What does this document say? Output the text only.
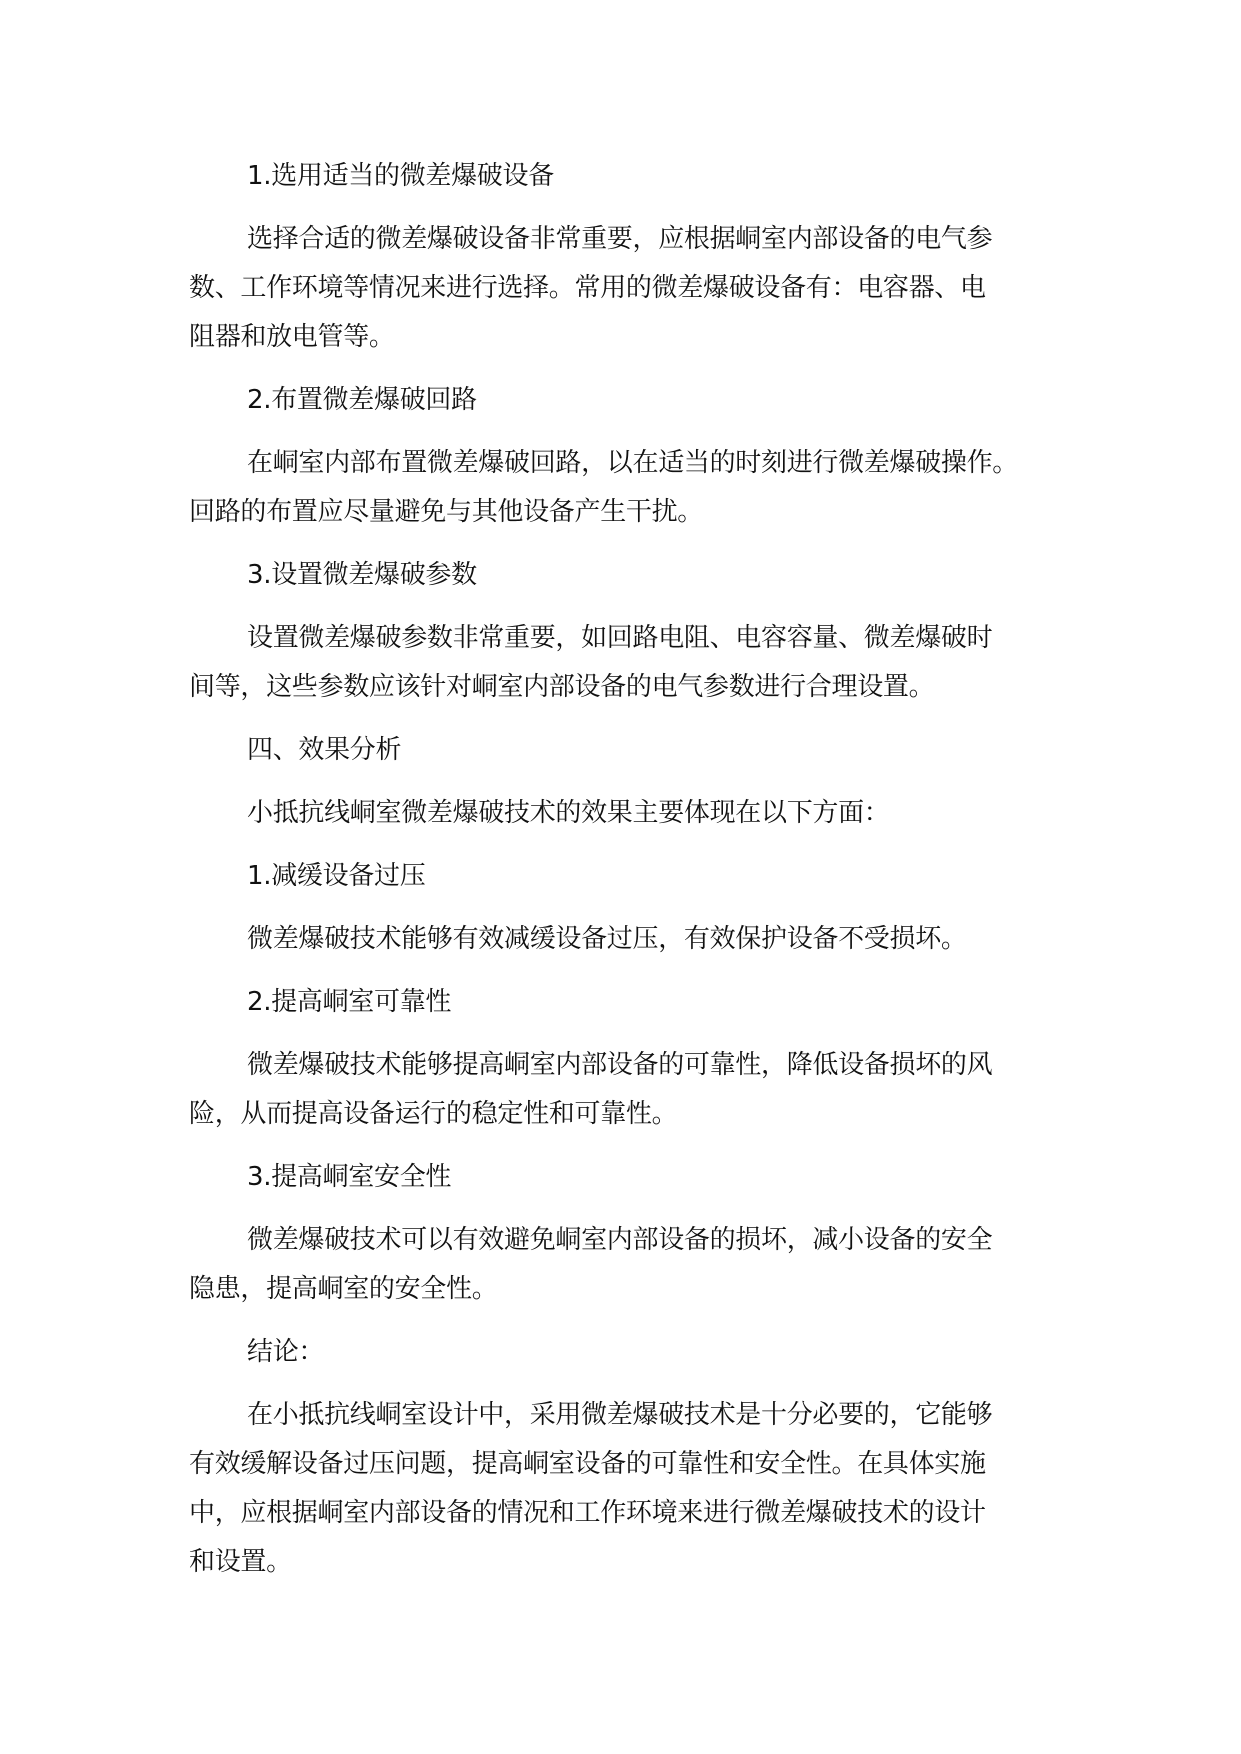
1.选用适当的微差爆破设备
选择合适的微差爆破设备非常重要，应根据峒室内部设备的电气参
数、工作环境等情况来进行选择。常用的微差爆破设备有：电容器、电
阻器和放电管等。
2.布置微差爆破回路
在峒室内部布置微差爆破回路，以在适当的时刻进行微差爆破操作。
回路的布置应尽量避免与其他设备产生干扰。
3.设置微差爆破参数
设置微差爆破参数非常重要，如回路电阻、电容容量、微差爆破时
间等，这些参数应该针对峒室内部设备的电气参数进行合理设置。
四、效果分析
小抵抗线峒室微差爆破技术的效果主要体现在以下方面：
1.减缓设备过压
微差爆破技术能够有效减缓设备过压，有效保护设备不受损坏。
2.提高峒室可靠性
微差爆破技术能够提高峒室内部设备的可靠性，降低设备损坏的风
险，从而提高设备运行的稳定性和可靠性。
3.提高峒室安全性
微差爆破技术可以有效避免峒室内部设备的损坏，减小设备的安全
隐患，提高峒室的安全性。
结论：
在小抵抗线峒室设计中，采用微差爆破技术是十分必要的，它能够
有效缓解设备过压问题，提高峒室设备的可靠性和安全性。在具体实施
中，应根据峒室内部设备的情况和工作环境来进行微差爆破技术的设计
和设置。
